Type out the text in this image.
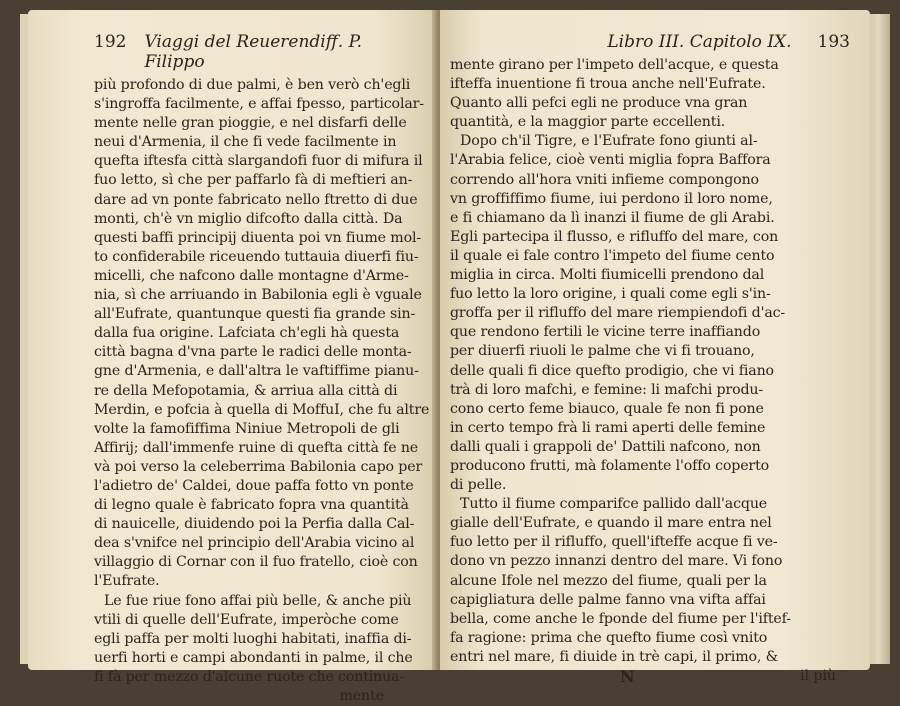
192	Viaggi del Reuerendiff. P. Filippo
più profondo di due palmi, è ben verò ch'egli
s'ingroffa facilmente, e affai fpesso, particolar-
mente nelle gran pioggie, e nel disfarfi delle
neui d'Armenia, il che fi vede facilmente in
quefta iftesfa città slargandofi fuor di mifura il
fuo letto, sì che per paffarlo fà di meftieri an-
dare ad vn ponte fabricato nello ftretto di due
monti, ch'è vn miglio difcofto dalla città. Da
questi baffi principij diuenta poi vn fiume mol-
to confiderabile riceuendo tuttauia diuerfi fiu-
micelli, che nafcono dalle montagne d'Arme-
nia, sì che arriuando in Babilonia egli è vguale
all'Eufrate, quantunque questi fia grande sin-
dalla fua origine. Lafciata ch'egli hà questa
città bagna d'vna parte le radici delle monta-
gne d'Armenia, e dall'altra le vaftiffime pianu-
re della Mefopotamia, & arriua alla città di
Merdin, e pofcia à quella di MoffuI, che fu altre
volte la famofiffima Niniue Metropoli de gli
Affirij; dall'immenfe ruine di quefta città fe ne
và poi verso la celeberrima Babilonia capo per
l'adietro de' Caldei, doue paffa fotto vn ponte
di legno quale è fabricato fopra vna quantità
di nauicelle, diuidendo poi la Perfia dalla Cal-
dea s'vnifce nel principio dell'Arabia vicino al
villaggio di Cornar con il fuo fratello, cioè con
l'Eufrate.
Le fue riue fono affai più belle, & anche più
vtili di quelle dell'Eufrate, imperòche come
egli paffa per molti luoghi habitati, inaffia di-
uerfi horti e campi abondanti in palme, il che
fi fà per mezzo d'alcune ruote che continua-
mente
Libro III. Capitolo IX.	193
mente girano per l'impeto dell'acque, e questa
ifteffa inuentione fi troua anche nell'Eufrate.
Quanto alli pefci egli ne produce vna gran
quantità, e la maggior parte eccellenti.
Dopo ch'il Tigre, e l'Eufrate fono giunti al-
l'Arabia felice, cioè venti miglia fopra Baffora
correndo all'hora vniti infieme compongono
vn groffiffimo fiume, iui perdono il loro nome,
e fi chiamano da lì inanzi il fiume de gli Arabi.
Egli partecipa il flusso, e rifluffo del mare, con
il quale ei fale contro l'impeto del fiume cento
miglia in circa. Molti fiumicelli prendono dal
fuo letto la loro origine, i quali come egli s'in-
groffa per il rifluffo del mare riempiendofi d'ac-
que rendono fertili le vicine terre inaffiando
per diuerfi riuoli le palme che vi fi trouano,
delle quali fi dice quefto prodigio, che vi fiano
trà di loro mafchi, e femine: li mafchi produ-
cono certo feme biauco, quale fe non fi pone
in certo tempo frà li rami aperti delle femine
dalli quali i grappoli de' Dattili nafcono, non
producono frutti, mà folamente l'offo coperto
di pelle.
Tutto il fiume comparifce pallido dall'acque
gialle dell'Eufrate, e quando il mare entra nel
fuo letto per il rifluffo, quell'ifteffe acque fi ve-
dono vn pezzo innanzi dentro del mare. Vi fono
alcune Ifole nel mezzo del fiume, quali per la
capigliatura delle palme fanno vna vifta affai
bella, come anche le fponde del fiume per l'iftef-
fa ragione: prima che quefto fiume così vnito
entri nel mare, fi diuide in trè capi, il primo, &
N	il più
